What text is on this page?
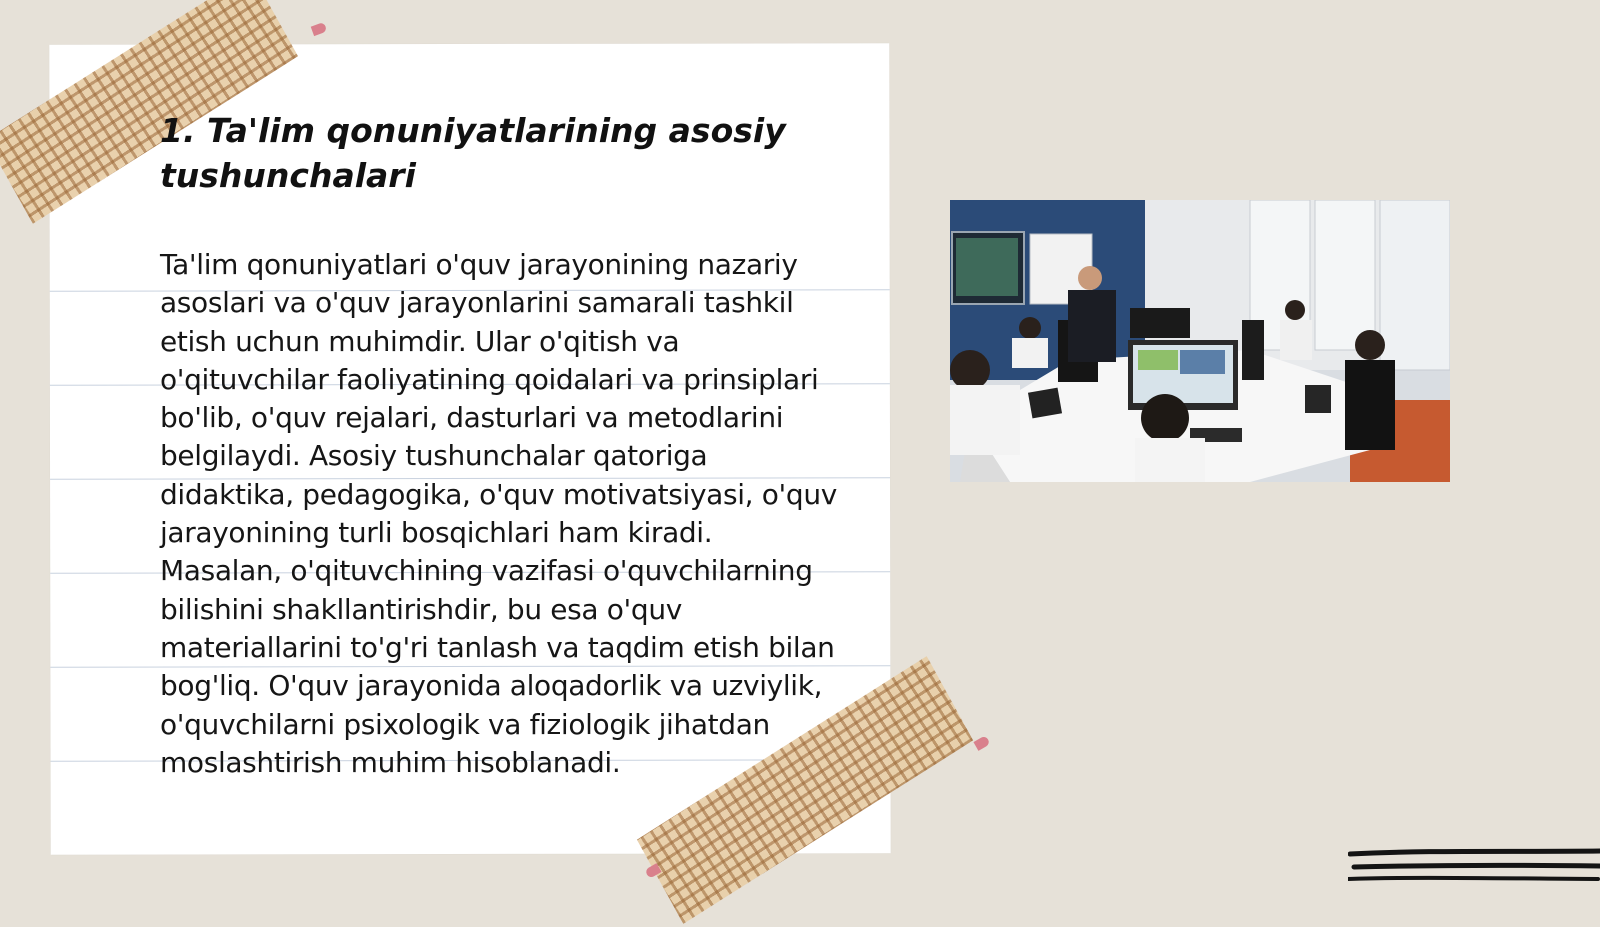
1. Ta'lim qonuniyatlarining asosiy tushunchalari

Ta'lim qonuniyatlari o'quv jarayonining nazariy asoslari va o'quv jarayonlarini samarali tashkil etish uchun muhimdir. Ular o'qitish va o'qituvchilar faoliyatining qoidalari va prinsiplari bo'lib, o'quv rejalari, dasturlari va metodlarini belgilaydi. Asosiy tushunchalar qatoriga didaktika, pedagogika, o'quv motivatsiyasi, o'quv jarayonining turli bosqichlari ham kiradi. Masalan, o'qituvchining vazifasi o'quvchilarning bilishini shakllantirishdir, bu esa o'quv materiallarini to'g'ri tanlash va taqdim etish bilan bog'liq. O'quv jarayonida aloqadorlik va uzviylik, o'quvchilarni psixologik va fiziologik jihatdan moslashtirish muhim hisoblanadi.
